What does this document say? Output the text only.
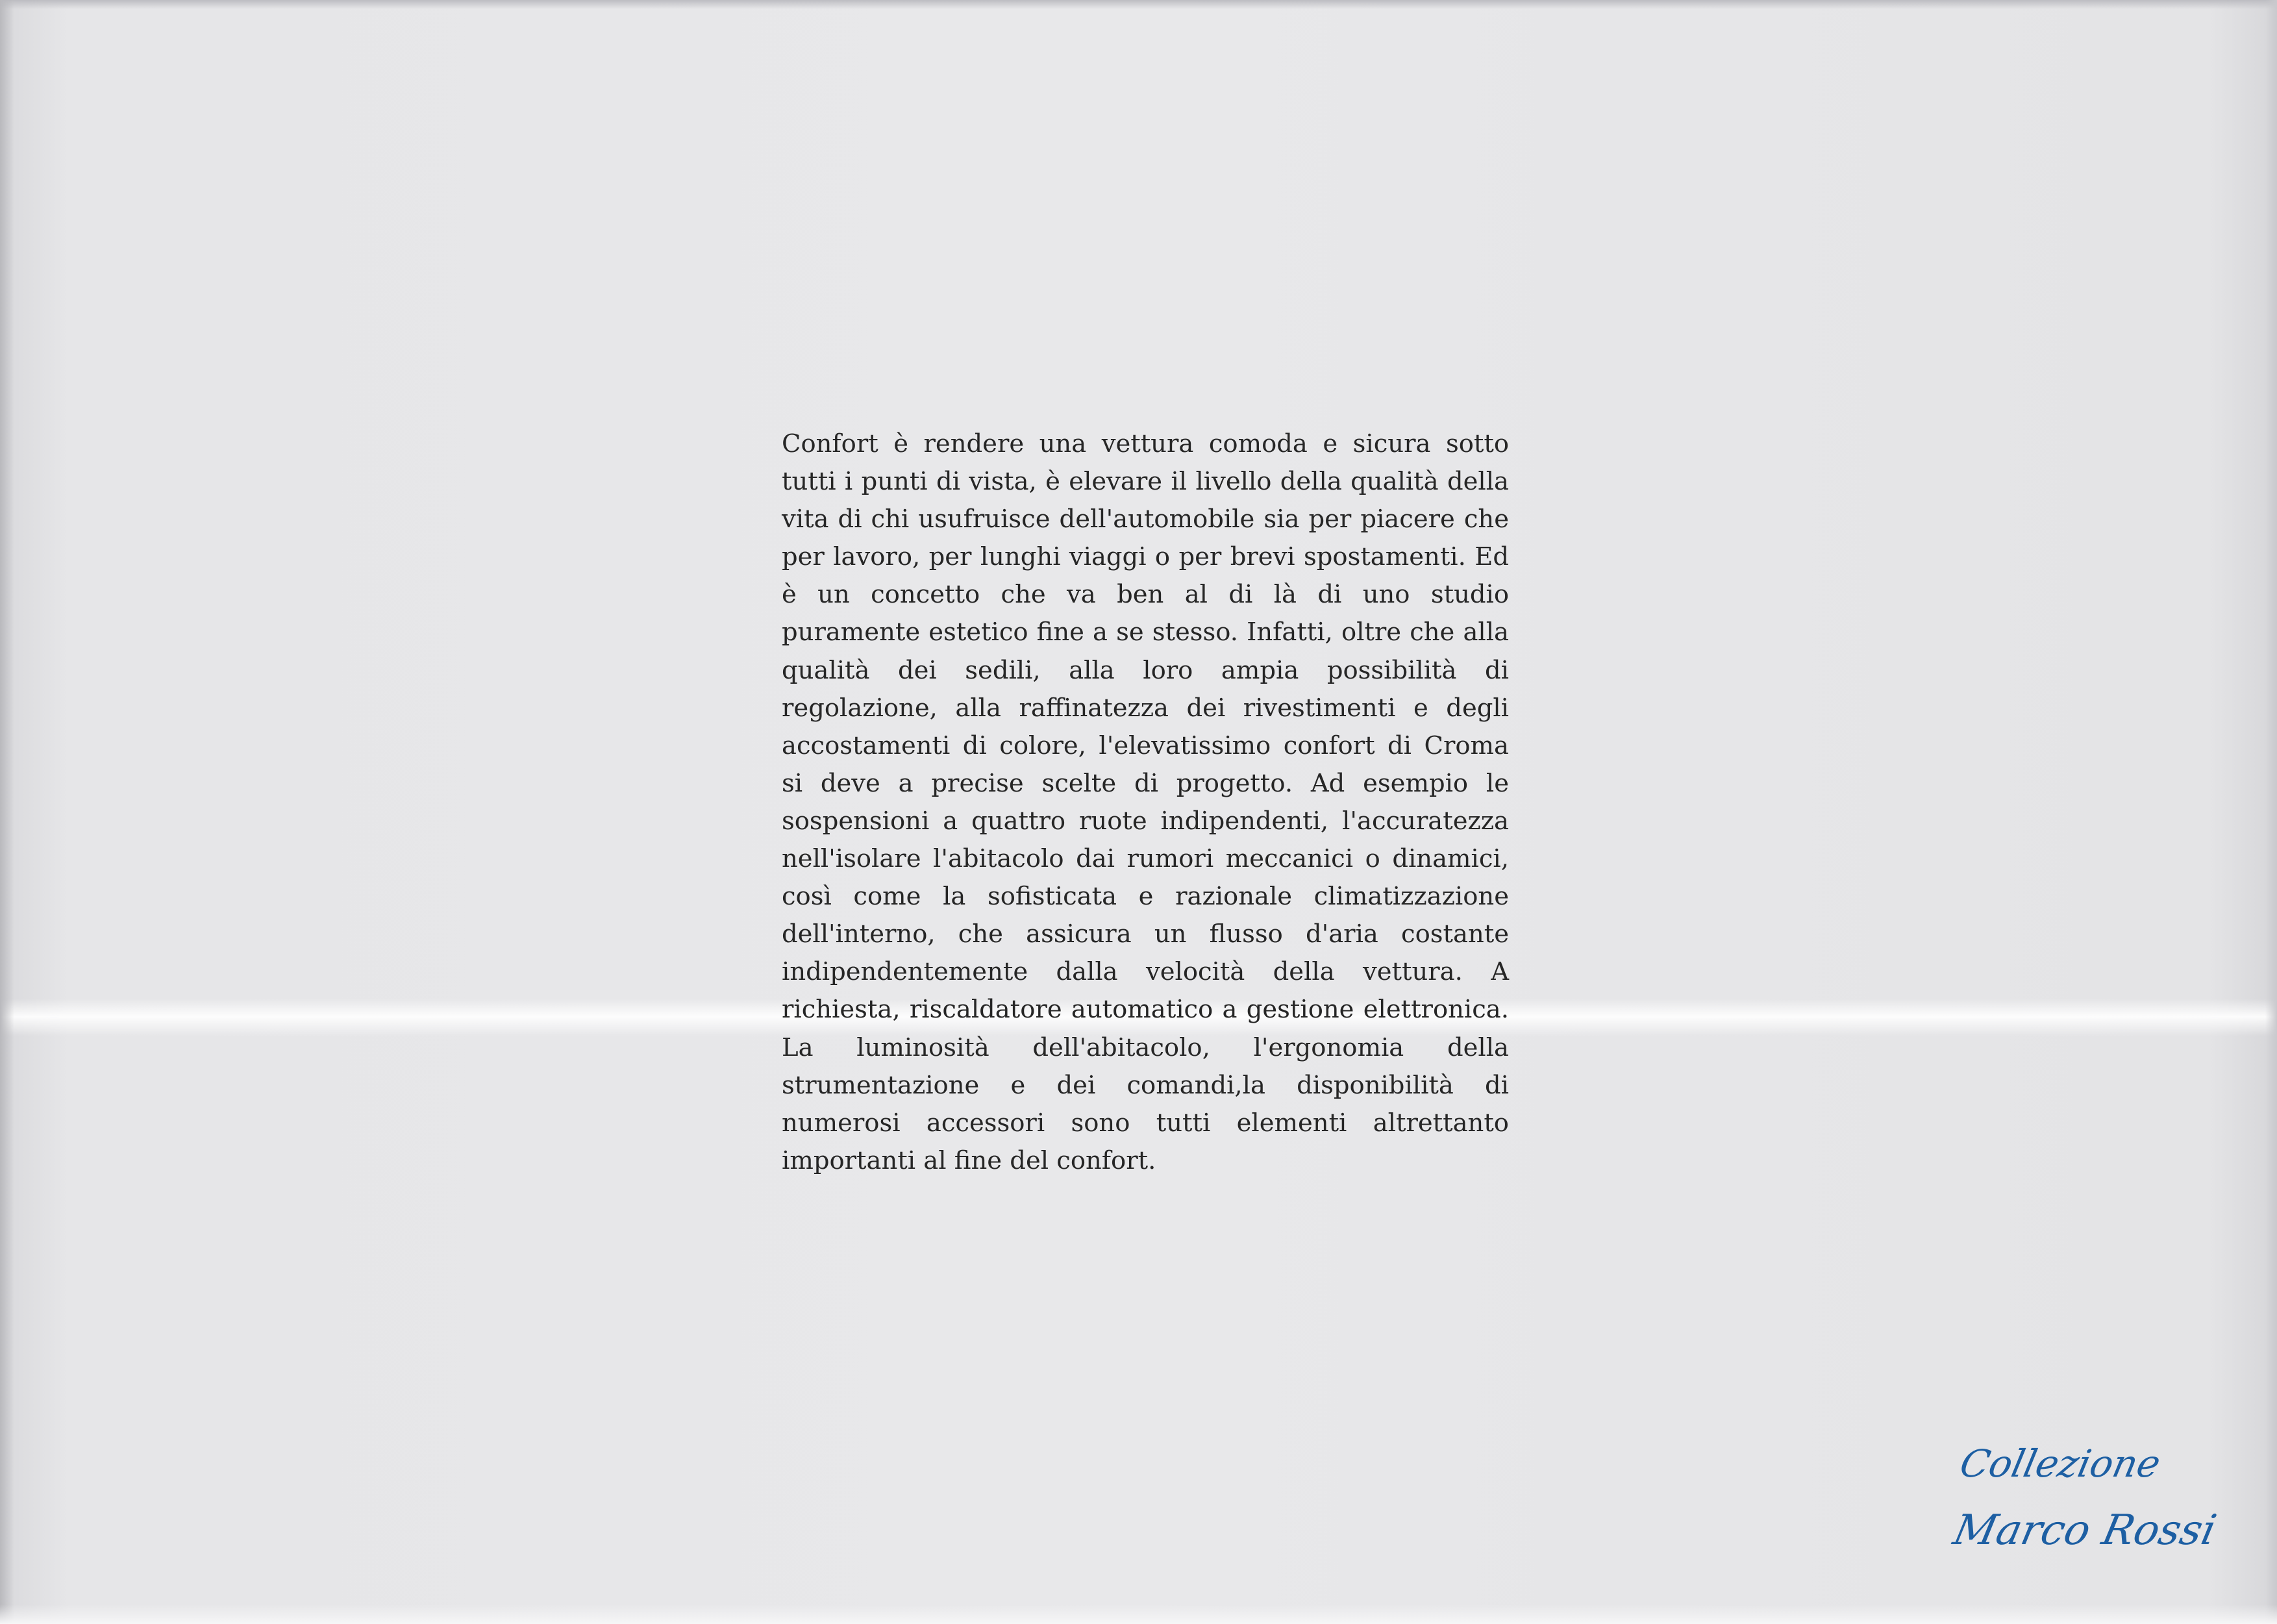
Confort è rendere una vettura comoda e sicura sotto tutti i punti di vista, è elevare il livello della qualità della vita di chi usufruisce dell'automobile sia per piacere che per lavoro, per lunghi viaggi o per brevi spostamenti. Ed è un concetto che va ben al di là di uno studio puramente estetico fine a se stesso. Infatti, oltre che alla qualità dei sedili, alla loro ampia possibilità di regolazione, alla raffinatezza dei rivestimenti e degli accostamenti di colore, l'elevatissimo confort di Croma si deve a precise scelte di progetto. Ad esempio le sospensioni a quattro ruote indipendenti, l'accuratezza nell'isolare l'abitacolo dai rumori meccanici o dinamici, così come la sofisticata e razionale climatizzazione dell'interno, che assicura un flusso d'aria costante indipendentemente dalla velocità della vettura. A richiesta, riscaldatore automatico a gestione elettronica. La luminosità dell'abitacolo, l'ergonomia della strumentazione e dei comandi,la disponibilità di numerosi accessori sono tutti elementi altrettanto importanti al fine del confort.

Collezione
Marco Rossi
